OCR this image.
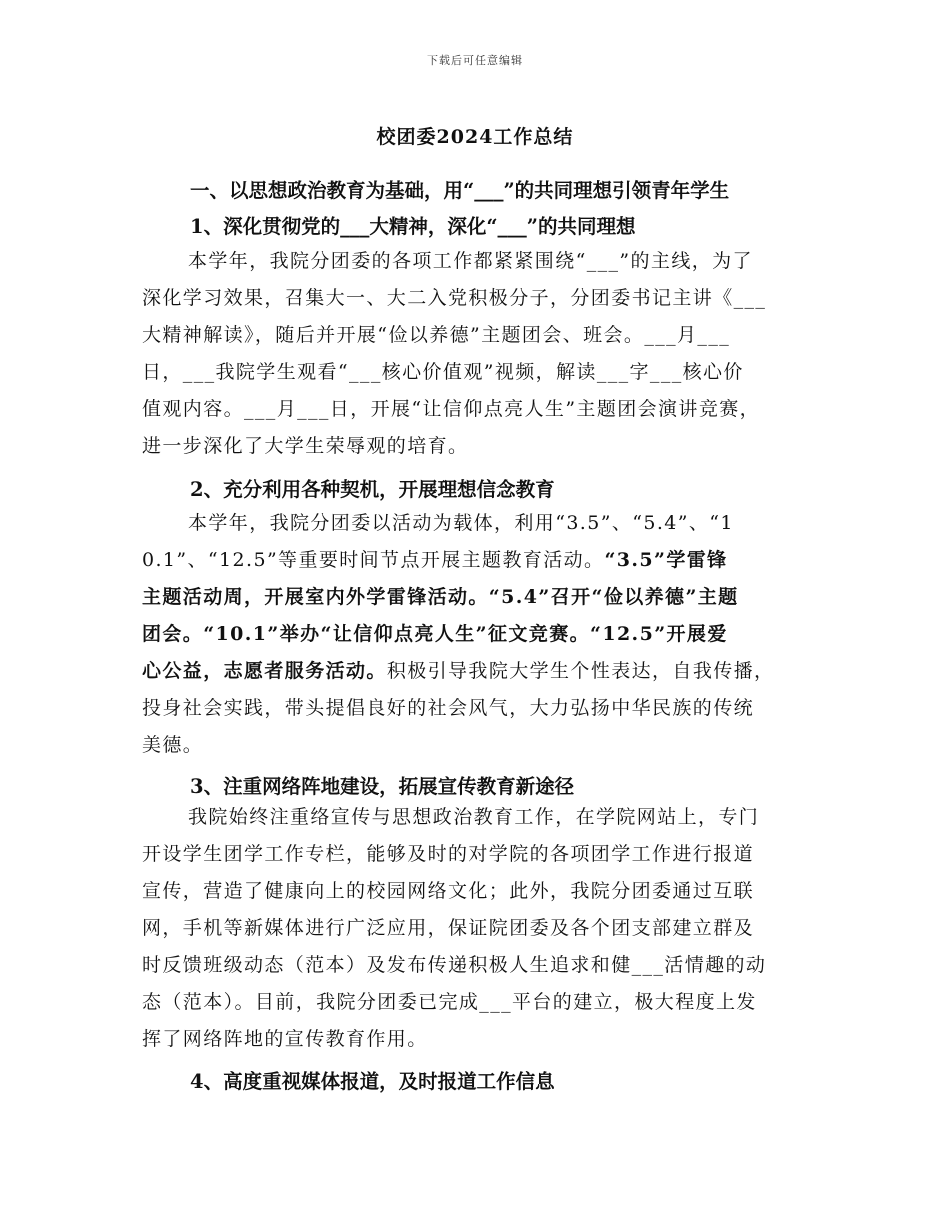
下载后可任意编辑
校团委2024工作总结
一、以思想政治教育为基础，用“___”的共同理想引领青年学生
1、深化贯彻党的___大精神，深化“___”的共同理想
本学年，我院分团委的各项工作都紧紧围绕“___”的主线，为了
深化学习效果，召集大一、大二入党积极分子，分团委书记主讲《___
大精神解读》，随后并开展“俭以养德”主题团会、班会。___月___
日，___我院学生观看“___核心价值观”视频，解读___字___核心价
值观内容。___月___日，开展“让信仰点亮人生”主题团会演讲竞赛，
进一步深化了大学生荣辱观的培育。
2、充分利用各种契机，开展理想信念教育
本学年，我院分团委以活动为载体，利用“3.5”、“5.4”、“1
0.1”、“12.5”等重要时间节点开展主题教育活动。“3.5”学雷锋
主题活动周，开展室内外学雷锋活动。“5.4”召开“俭以养德”主题
团会。“10.1”举办“让信仰点亮人生”征文竞赛。“12.5”开展爱
心公益，志愿者服务活动。积极引导我院大学生个性表达，自我传播，
投身社会实践，带头提倡良好的社会风气，大力弘扬中华民族的传统
美德。
3、注重网络阵地建设，拓展宣传教育新途径
我院始终注重络宣传与思想政治教育工作，在学院网站上，专门
开设学生团学工作专栏，能够及时的对学院的各项团学工作进行报道
宣传，营造了健康向上的校园网络文化；此外，我院分团委通过互联
网，手机等新媒体进行广泛应用，保证院团委及各个团支部建立群及
时反馈班级动态（范本）及发布传递积极人生追求和健___活情趣的动
态（范本）。目前，我院分团委已完成___平台的建立，极大程度上发
挥了网络阵地的宣传教育作用。
4、高度重视媒体报道，及时报道工作信息
